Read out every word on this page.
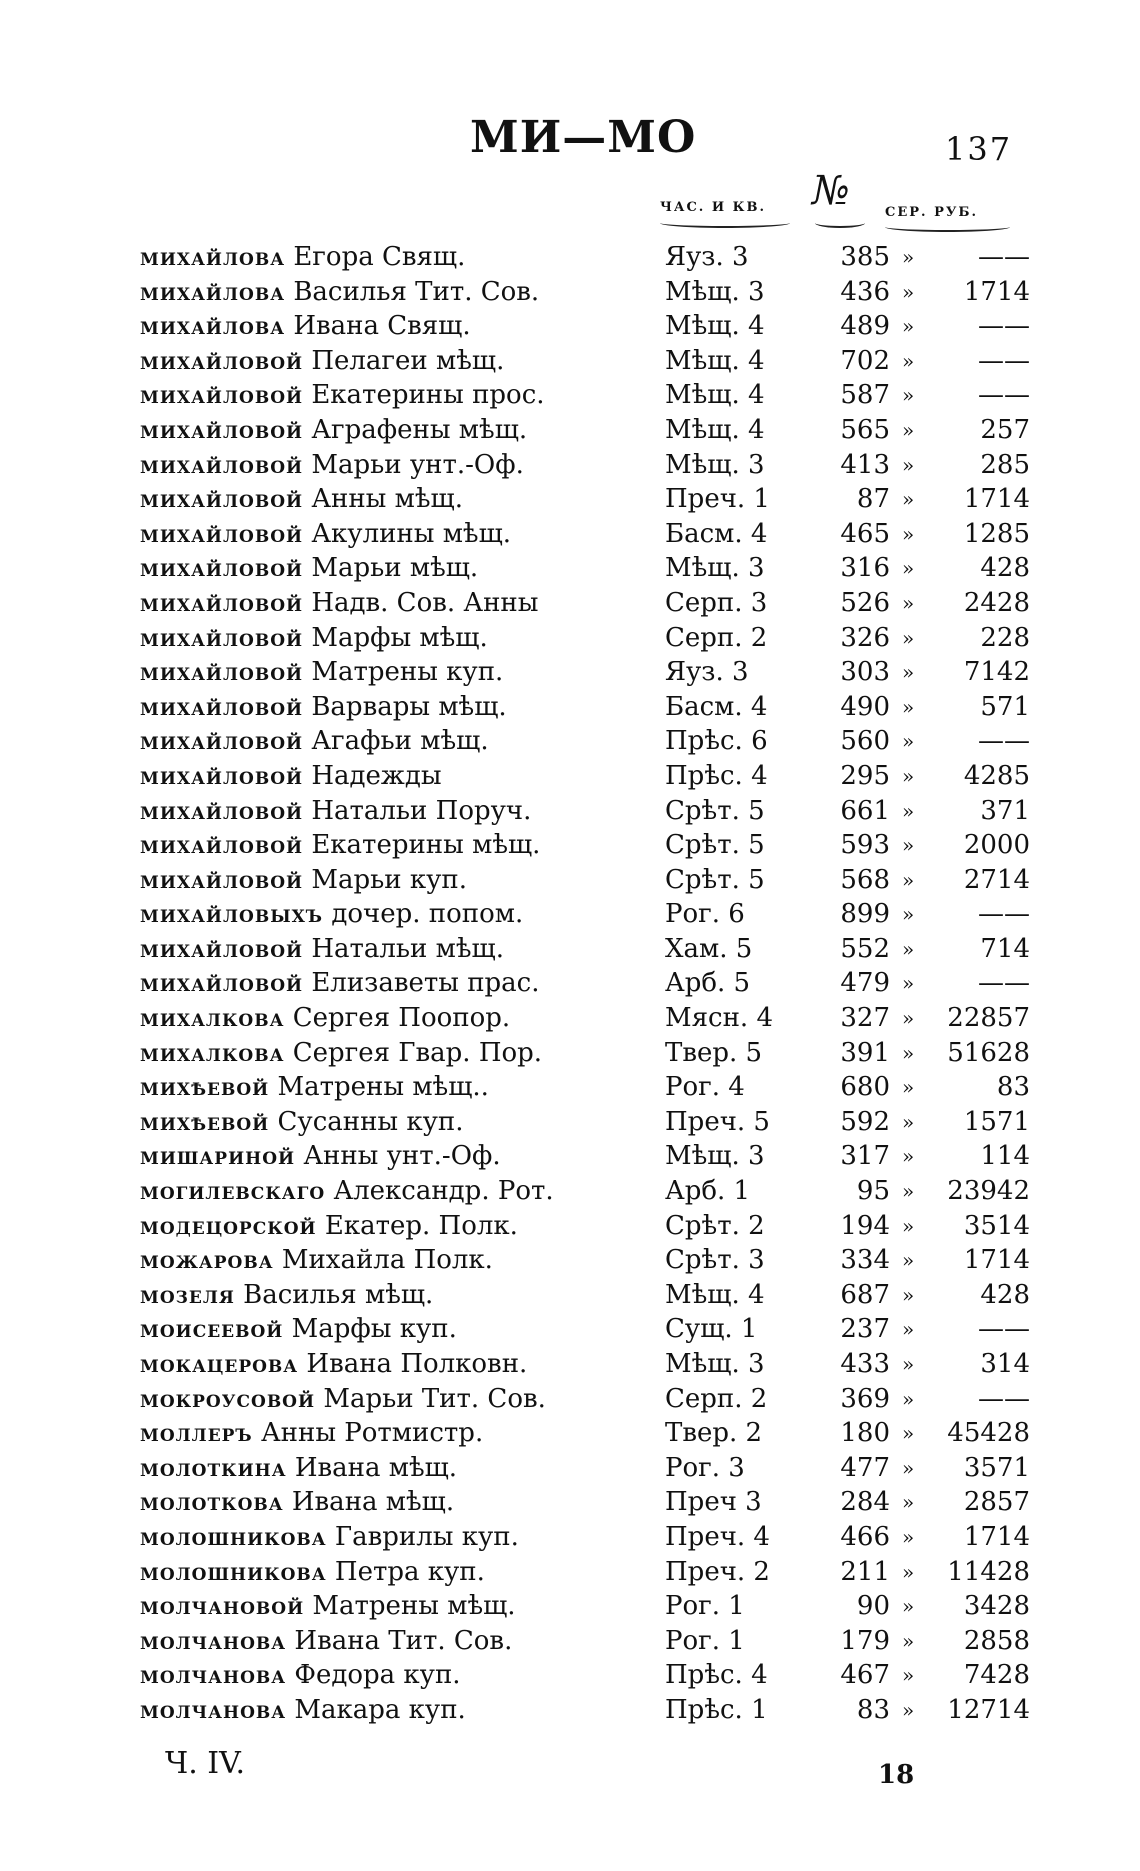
МИ—МО	137
ЧАС. И КВ. №	СЕР. РУБ.
михайлова Егора Свящ.	Яуз. 3	385 »	——
михайлова Василья Тит. Сов.	Мѣщ. 3	436 »	1714
михайлова Ивана Свящ.	Мѣщ. 4	489 »	——
михайловой Пелагеи мѣщ.	Мѣщ. 4	702 »	——
михайловой Екатерины прос.	Мѣщ. 4	587 »	——
михайловой Аграфены мѣщ.	Мѣщ. 4	565 »	257
михайловой Марьи унт.-Оф.	Мѣщ. 3	413 »	285
михайловой Анны мѣщ.	Преч. 1	87 »	1714
михайловой Акулины мѣщ.	Басм. 4	465 »	1285
михайловой Марьи мѣщ.	Мѣщ. 3	316 »	428
михайловой Надв. Сов. Анны	Серп. 3	526 »	2428
михайловой Марфы мѣщ.	Серп. 2	326 »	228
михайловой Матрены куп.	Яуз. 3	303 »	7142
михайловой Варвары мѣщ.	Басм. 4	490 »	571
михайловой Агафьи мѣщ.	Прѣс. 6	560 »	——
михайловой Надежды	Прѣс. 4	295 »	4285
михайловой Натальи Поруч.	Срѣт. 5	661 »	371
михайловой Екатерины мѣщ.	Срѣт. 5	593 »	2000
михайловой Марьи куп.	Срѣт. 5	568 »	2714
михайловыхъ дочер. попом.	Рог. 6	899 »	——
михайловой Натальи мѣщ.	Хам. 5	552 »	714
михайловой Елизаветы прас.	Арб. 5	479 »	——
михалкова Сергея Поопор.	Мясн. 4	327 »	22857
михалкова Сергея Гвар. Пор.	Твер. 5	391 »	51628
михѣевой Матрены мѣщ..	Рог. 4	680 »	83
михѣевой Сусанны куп.	Преч. 5	592 »	1571
мишариной Анны унт.-Оф.	Мѣщ. 3	317 »	114
могилевскаго Александр. Рот.	Арб. 1	95 »	23942
модецорской Екатер. Полк.	Срѣт. 2	194 »	3514
можарова Михайла Полк.	Срѣт. 3	334 »	1714
мозеля Василья мѣщ.	Мѣщ. 4	687 »	428
моисеевой Марфы куп.	Сущ. 1	237 »	——
мокацерова Ивана Полковн.	Мѣщ. 3	433 »	314
мокроусовой Марьи Тит. Сов.	Серп. 2	369 »	——
моллеръ Анны Ротмистр.	Твер. 2	180 »	45428
молоткина Ивана мѣщ.	Рог. 3	477 »	3571
молоткова Ивана мѣщ.	Преч 3	284 »	2857
молошникова Гаврилы куп.	Преч. 4	466 »	1714
молошникова Петра куп.	Преч. 2	211 »	11428
молчановой Матрены мѣщ.	Рог. 1	90 »	3428
молчанова Ивана Тит. Сов.	Рог. 1	179 »	2858
молчанова Федора куп.	Прѣс. 4	467 »	7428
молчанова Макара куп.	Прѣс. 1	83 »	12714
Ч. IV.	18
